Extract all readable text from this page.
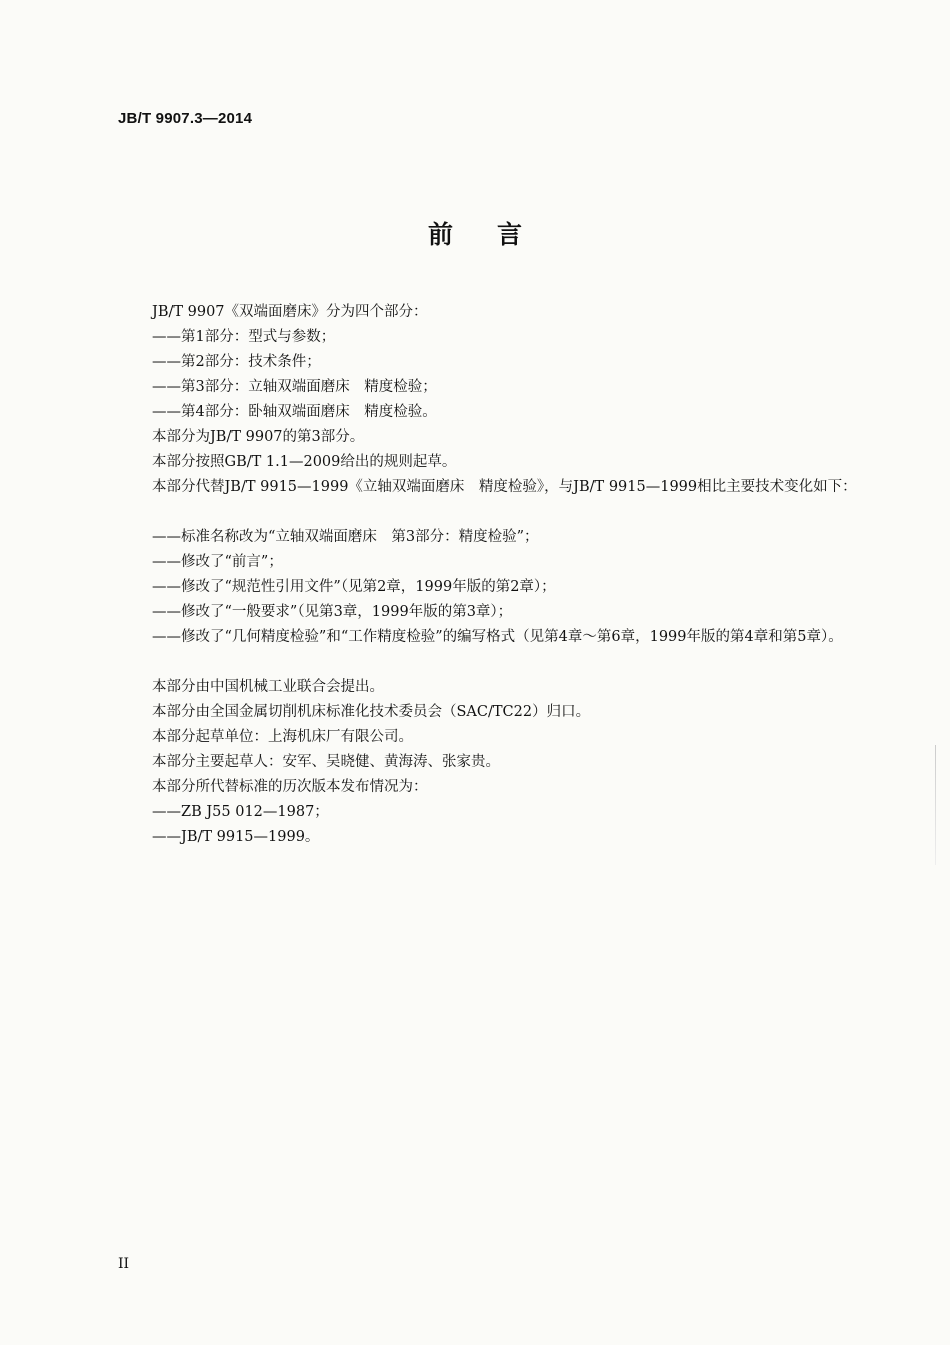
JB/T 9907.3—2014
前言
JB/T 9907《双端面磨床》分为四个部分：
——第1部分：型式与参数；
——第2部分：技术条件；
——第3部分：立轴双端面磨床　精度检验；
——第4部分：卧轴双端面磨床　精度检验。
本部分为JB/T 9907的第3部分。
本部分按照GB/T 1.1—2009给出的规则起草。
本部分代替JB/T 9915—1999《立轴双端面磨床　精度检验》，与JB/T 9915—1999相比主要技术变化如下：
——标准名称改为“立轴双端面磨床　第3部分：精度检验”；
——修改了“前言”；
——修改了“规范性引用文件”（见第2章，1999年版的第2章）；
——修改了“一般要求”（见第3章，1999年版的第3章）；
——修改了“几何精度检验”和“工作精度检验”的编写格式（见第4章～第6章，1999年版的第4章和第5章）。
本部分由中国机械工业联合会提出。
本部分由全国金属切削机床标准化技术委员会（SAC/TC22）归口。
本部分起草单位：上海机床厂有限公司。
本部分主要起草人：安军、吴晓健、黄海涛、张家贵。
本部分所代替标准的历次版本发布情况为：
——ZB J55 012—1987；
——JB/T 9915—1999。
II
